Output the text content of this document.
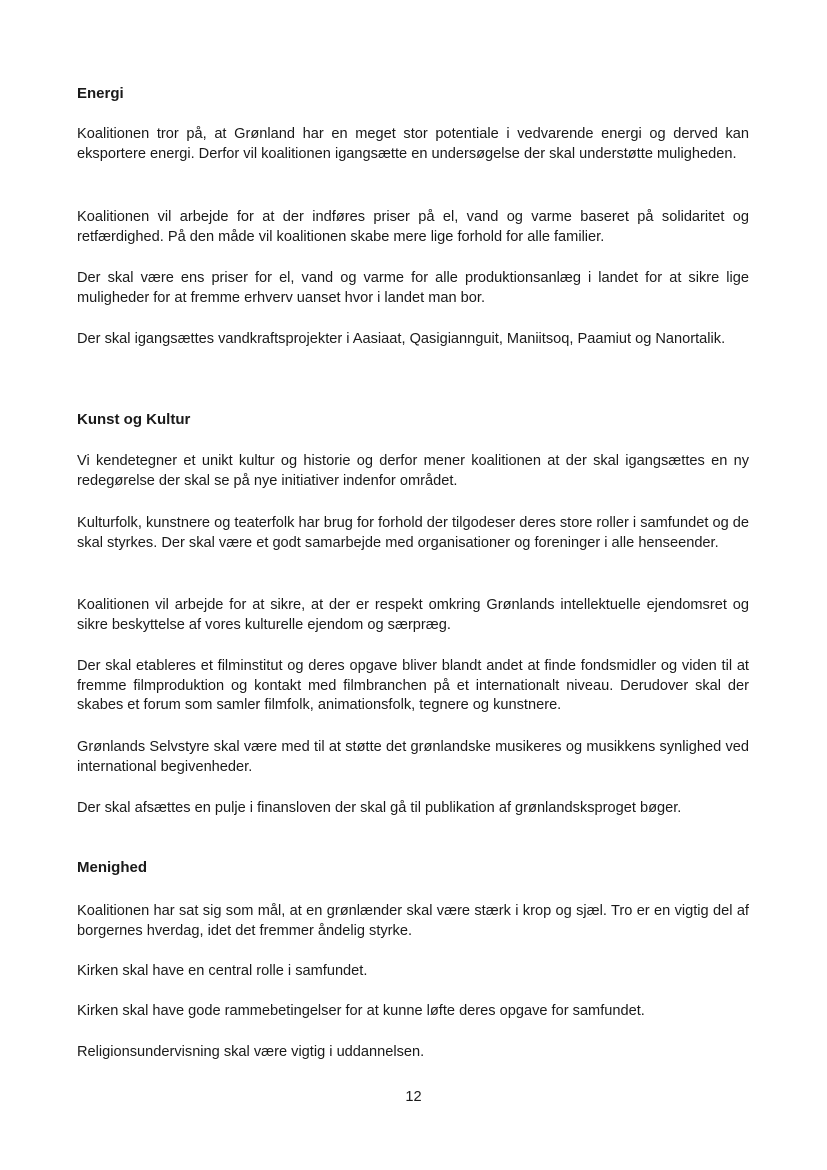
Energi

Koalitionen tror på, at Grønland har en meget stor potentiale i vedvarende energi og derved kan eksportere energi. Derfor vil koalitionen igangsætte en undersøgelse der skal understøtte muligheden.

Koalitionen vil arbejde for at der indføres priser på el, vand og varme baseret på solidaritet og retfærdighed. På den måde vil koalitionen skabe mere lige forhold for alle familier.

Der skal være ens priser for el, vand og varme for alle produktionsanlæg i landet for at sikre lige muligheder for at fremme erhverv uanset hvor i landet man bor.

Der skal igangsættes vandkraftsprojekter i Aasiaat, Qasigiannguit, Maniitsoq, Paamiut og Nanortalik.

Kunst og Kultur

Vi kendetegner et unikt kultur og historie og derfor mener koalitionen at der skal igangsættes en ny redegørelse der skal se på nye initiativer indenfor området.

Kulturfolk, kunstnere og teaterfolk har brug for forhold der tilgodeser deres store roller i samfundet og de skal styrkes. Der skal være et godt samarbejde med organisationer og foreninger i alle henseender.

Koalitionen vil arbejde for at sikre, at der er respekt omkring Grønlands intellektuelle ejendomsret og sikre beskyttelse af vores kulturelle ejendom og særpræg.

Der skal etableres et filminstitut og deres opgave bliver blandt andet at finde fondsmidler og viden til at fremme filmproduktion og kontakt med filmbranchen på et internationalt niveau. Derudover skal der skabes et forum som samler filmfolk, animationsfolk, tegnere og kunstnere.

Grønlands Selvstyre skal være med til at støtte det grønlandske musikeres og musikkens synlighed ved international begivenheder.

Der skal afsættes en pulje i finansloven der skal gå til publikation af grønlandsksproget bøger.

Menighed

Koalitionen har sat sig som mål, at en grønlænder skal være stærk i krop og sjæl. Tro er en vigtig del af borgernes hverdag, idet det fremmer åndelig styrke.

Kirken skal have en central rolle i samfundet.

Kirken skal have gode rammebetingelser for at kunne løfte deres opgave for samfundet.

Religionsundervisning skal være vigtig i uddannelsen.

12
